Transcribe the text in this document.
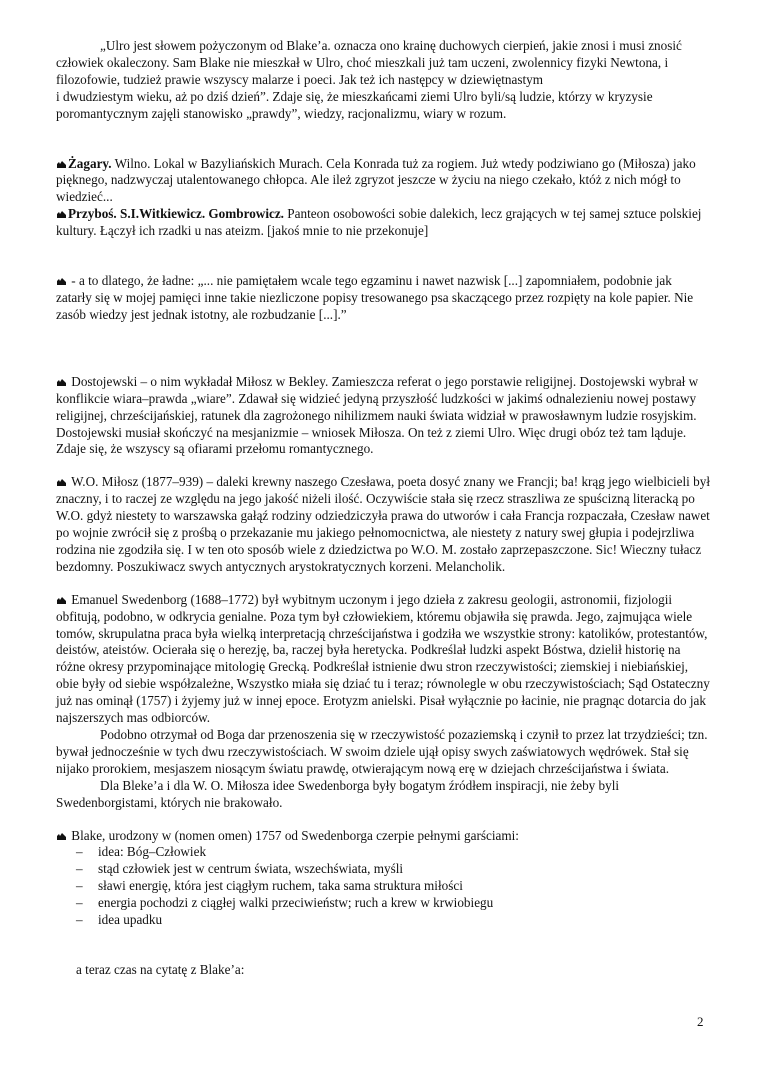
„Ulro jest słowem pożyczonym od Blake’a. oznacza ono krainę duchowych cierpień, jakie znosi i musi znosić człowiek okaleczony. Sam Blake nie mieszkał w Ulro, choć mieszkali już tam uczeni, zwolennicy fizyki Newtona, i filozofowie, tudzież prawie wszyscy malarze i poeci. Jak też ich następcy w dziewiętnastym

i dwudziestym wieku, aż po dziś dzień”. Zdaje się, że mieszkańcami ziemi Ulro byli/są ludzie, którzy w kryzysie poromantycznym zajęli stanowisko „prawdy”, wiedzy, racjonalizmu, wiary w rozum.

Żagary. Wilno. Lokal w Bazyliańskich Murach. Cela Konrada tuż za rogiem. Już wtedy podziwiano go (Miłosza) jako pięknego, nadzwyczaj utalentowanego chłopca. Ale ileż zgryzot jeszcze w życiu na niego czekało, któż z nich mógł to wiedzieć...

Przyboś. S.I.Witkiewicz. Gombrowicz. Panteon osobowości sobie dalekich, lecz grających w tej samej sztuce polskiej kultury. Łączył ich rzadki u nas ateizm. [jakoś mnie to nie przekonuje]

- a to dlatego, że ładne: „... nie pamiętałem wcale tego egzaminu i nawet nazwisk [...] zapomniałem, podobnie jak zatarły się w mojej pamięci inne takie niezliczone popisy tresowanego psa skaczącego przez rozpięty na kole papier. Nie zasób wiedzy jest jednak istotny, ale rozbudzanie [...].”

Dostojewski – o nim wykładał Miłosz w Bekley. Zamieszcza referat o jego porstawie religijnej. Dostojewski wybrał w konflikcie wiara–prawda „wiare”. Zdawał się widzieć jedyną przyszłość ludzkości w jakimś odnalezieniu nowej postawy religijnej, chrześcijańskiej, ratunek dla zagrożonego nihilizmem nauki świata widział w prawosławnym ludzie rosyjskim. Dostojewski musiał skończyć na mesjanizmie – wniosek Miłosza. On też z ziemi Ulro. Więc drugi obóz też tam ląduje. Zdaje się, że wszyscy są ofiarami przełomu romantycznego.

W.O. Miłosz (1877–939) – daleki krewny naszego Czesława, poeta dosyć znany we Francji; ba! krąg jego wielbicieli był znaczny, i to raczej ze względu na jego jakość niżeli ilość. Oczywiście stała się rzecz straszliwa ze spuścizną literacką po W.O. gdyż niestety to warszawska gałąź rodziny odziedziczyła prawa do utworów i cała Francja rozpaczała, Czesław nawet po wojnie zwrócił się z prośbą o przekazanie mu jakiego pełnomocnictwa, ale niestety z natury swej głupia i podejrzliwa rodzina nie zgodziła się. I w ten oto sposób wiele z dziedzictwa po W.O. M. zostało zaprzepaszczone. Sic! Wieczny tułacz bezdomny. Poszukiwacz swych antycznych arystokratycznych korzeni. Melancholik.

Emanuel Swedenborg (1688–1772) był wybitnym uczonym i jego dzieła z zakresu geologii, astronomii, fizjologii obfitują, podobno, w odkrycia genialne. Poza tym był człowiekiem, któremu objawiła się prawda. Jego, zajmująca wiele tomów, skrupulatna praca była wielką interpretacją chrześcijaństwa i godziła we wszystkie strony: katolików, protestantów, deistów, ateistów. Ocierała się o herezję, ba, raczej była heretycka. Podkreślał ludzki aspekt Bóstwa, dzielił historię na różne okresy przypominające mitologię Grecką. Podkreślał istnienie dwu stron rzeczywistości; ziemskiej i niebiańskiej, obie były od siebie współzależne, Wszystko miała się dziać tu i teraz; równolegle w obu rzeczywistościach; Sąd Ostateczny już nas ominął (1757) i żyjemy już w innej epoce. Erotyzm anielski. Pisał wyłącznie po łacinie, nie pragnąc dotarcia do jak najszerszych mas odbiorców.

Podobno otrzymał od Boga dar przenoszenia się w rzeczywistość pozaziemską i czynił to przez lat trzydzieści; tzn. bywał jednocześnie w tych dwu rzeczywistościach. W swoim dziele ujął opisy swych zaświatowych wędrówek. Stał się nijako prorokiem, mesjaszem niosącym światu prawdę, otwierającym nową erę w dziejach chrześcijaństwa i świata.

Dla Bleke’a i dla W. O. Miłosza idee Swedenborga były bogatym źródłem inspiracji, nie żeby byli Swedenborgistami, których nie brakowało.

Blake, urodzony w (nomen omen) 1757 od Swedenborga czerpie pełnymi garściami:

– idea: Bóg–Człowiek
– stąd człowiek jest w centrum świata, wszechświata, myśli
– sławi energię, która jest ciągłym ruchem, taka sama struktura miłości
– energia pochodzi z ciągłej walki przeciwieństw; ruch a krew w krwiobiegu
– idea upadku

a teraz czas na cytatę z Blake’a:

2
